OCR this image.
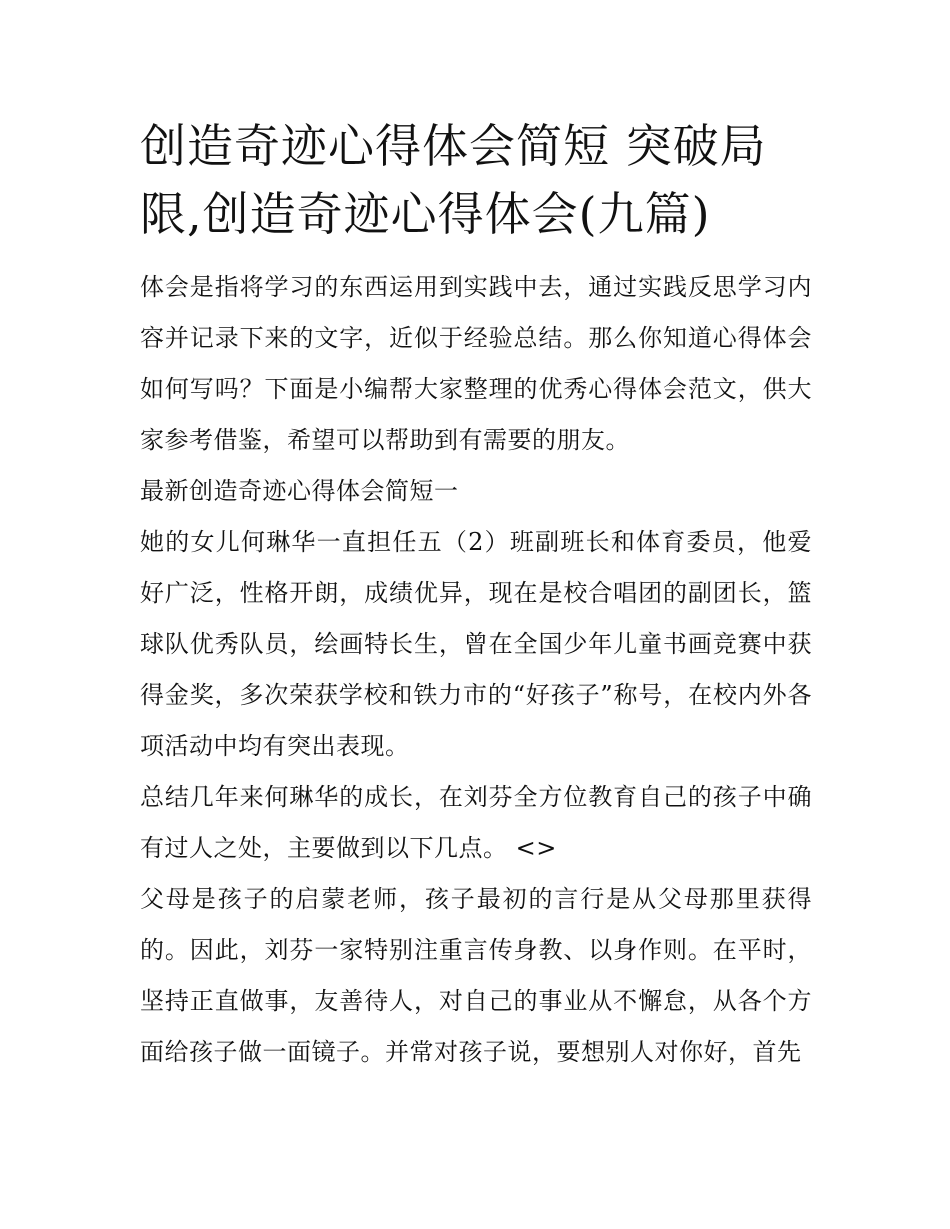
创造奇迹心得体会简短 突破局限,创造奇迹心得体会(九篇)

体会是指将学习的东西运用到实践中去，通过实践反思学习内容并记录下来的文字，近似于经验总结。那么你知道心得体会如何写吗？下面是小编帮大家整理的优秀心得体会范文，供大家参考借鉴，希望可以帮助到有需要的朋友。

最新创造奇迹心得体会简短一

她的女儿何琳华一直担任五（2）班副班长和体育委员，他爱好广泛，性格开朗，成绩优异，现在是校合唱团的副团长，篮球队优秀队员，绘画特长生，曾在全国少年儿童书画竞赛中获得金奖，多次荣获学校和铁力市的“好孩子”称号，在校内外各项活动中均有突出表现。

总结几年来何琳华的成长，在刘芬全方位教育自己的孩子中确有过人之处，主要做到以下几点。 <>

父母是孩子的启蒙老师，孩子最初的言行是从父母那里获得的。因此，刘芬一家特别注重言传身教、以身作则。在平时，坚持正直做事，友善待人，对自己的事业从不懈怠，从各个方面给孩子做一面镜子。并常对孩子说，要想别人对你好，首先
